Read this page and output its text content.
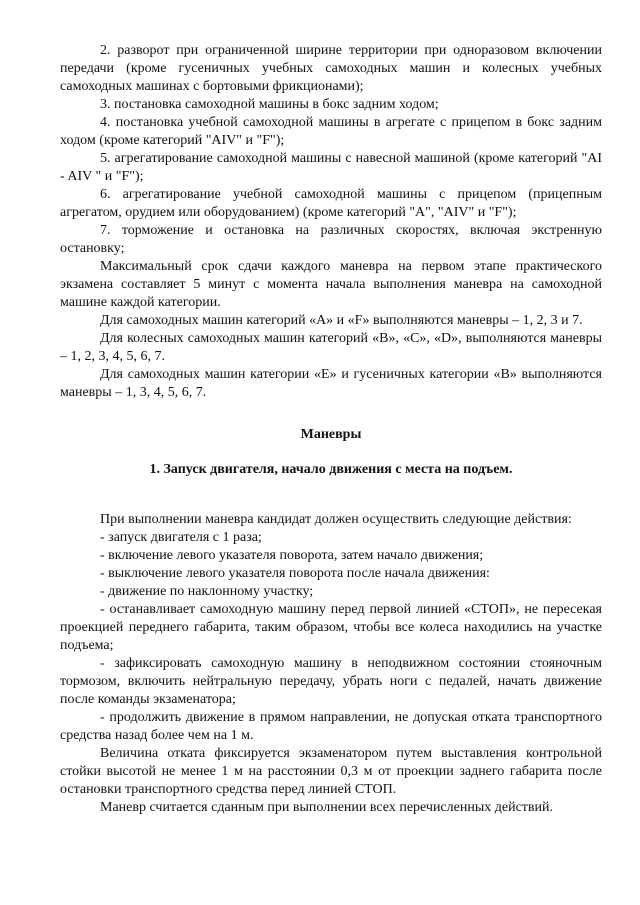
2. разворот при ограниченной ширине территории при одноразовом включении передачи (кроме гусеничных учебных самоходных машин и колесных учебных самоходных машинах с бортовыми фрикционами);

3. постановка самоходной машины в бокс задним ходом;

4. постановка учебной самоходной машины в агрегате с прицепом в бокс задним ходом (кроме категорий "AIV" и "F");

5. агрегатирование самоходной машины с навесной машиной (кроме категорий "AI - AIV " и "F");

6. агрегатирование учебной самоходной машины с прицепом (прицепным агрегатом, орудием или оборудованием) (кроме категорий "A", "AIV" и "F");

7. торможение и остановка на различных скоростях, включая экстренную остановку;

Максимальный срок сдачи каждого маневра на первом этапе практического экзамена составляет 5 минут с момента начала выполнения маневра на самоходной машине каждой категории.

Для самоходных машин категорий «А» и «F» выполняются маневры – 1, 2, 3 и 7.

Для колесных самоходных машин категорий «В», «С», «D», выполняются маневры – 1, 2, 3, 4, 5, 6, 7.

Для самоходных машин категории «E» и гусеничных категории «В» выполняются маневры – 1, 3, 4, 5, 6, 7.

Маневры

1. Запуск двигателя, начало движения с места на подъем.

При выполнении маневра кандидат должен осуществить следующие действия:

- запуск двигателя с 1 раза;

- включение левого указателя поворота, затем начало движения;

- выключение левого указателя поворота после начала движения:

- движение по наклонному участку;

- останавливает самоходную машину перед первой линией «СТОП», не пересекая проекцией переднего габарита, таким образом, чтобы все колеса находились на участке подъема;

- зафиксировать самоходную машину в неподвижном состоянии стояночным тормозом, включить нейтральную передачу, убрать ноги с педалей, начать движение после команды экзаменатора;

- продолжить движение в прямом направлении, не допуская отката транспортного средства назад более чем на 1 м.

Величина отката фиксируется экзаменатором путем выставления контрольной стойки высотой не менее 1 м на расстоянии 0,3 м от проекции заднего габарита после остановки транспортного средства перед линией СТОП.

Маневр считается сданным при выполнении всех перечисленных действий.
